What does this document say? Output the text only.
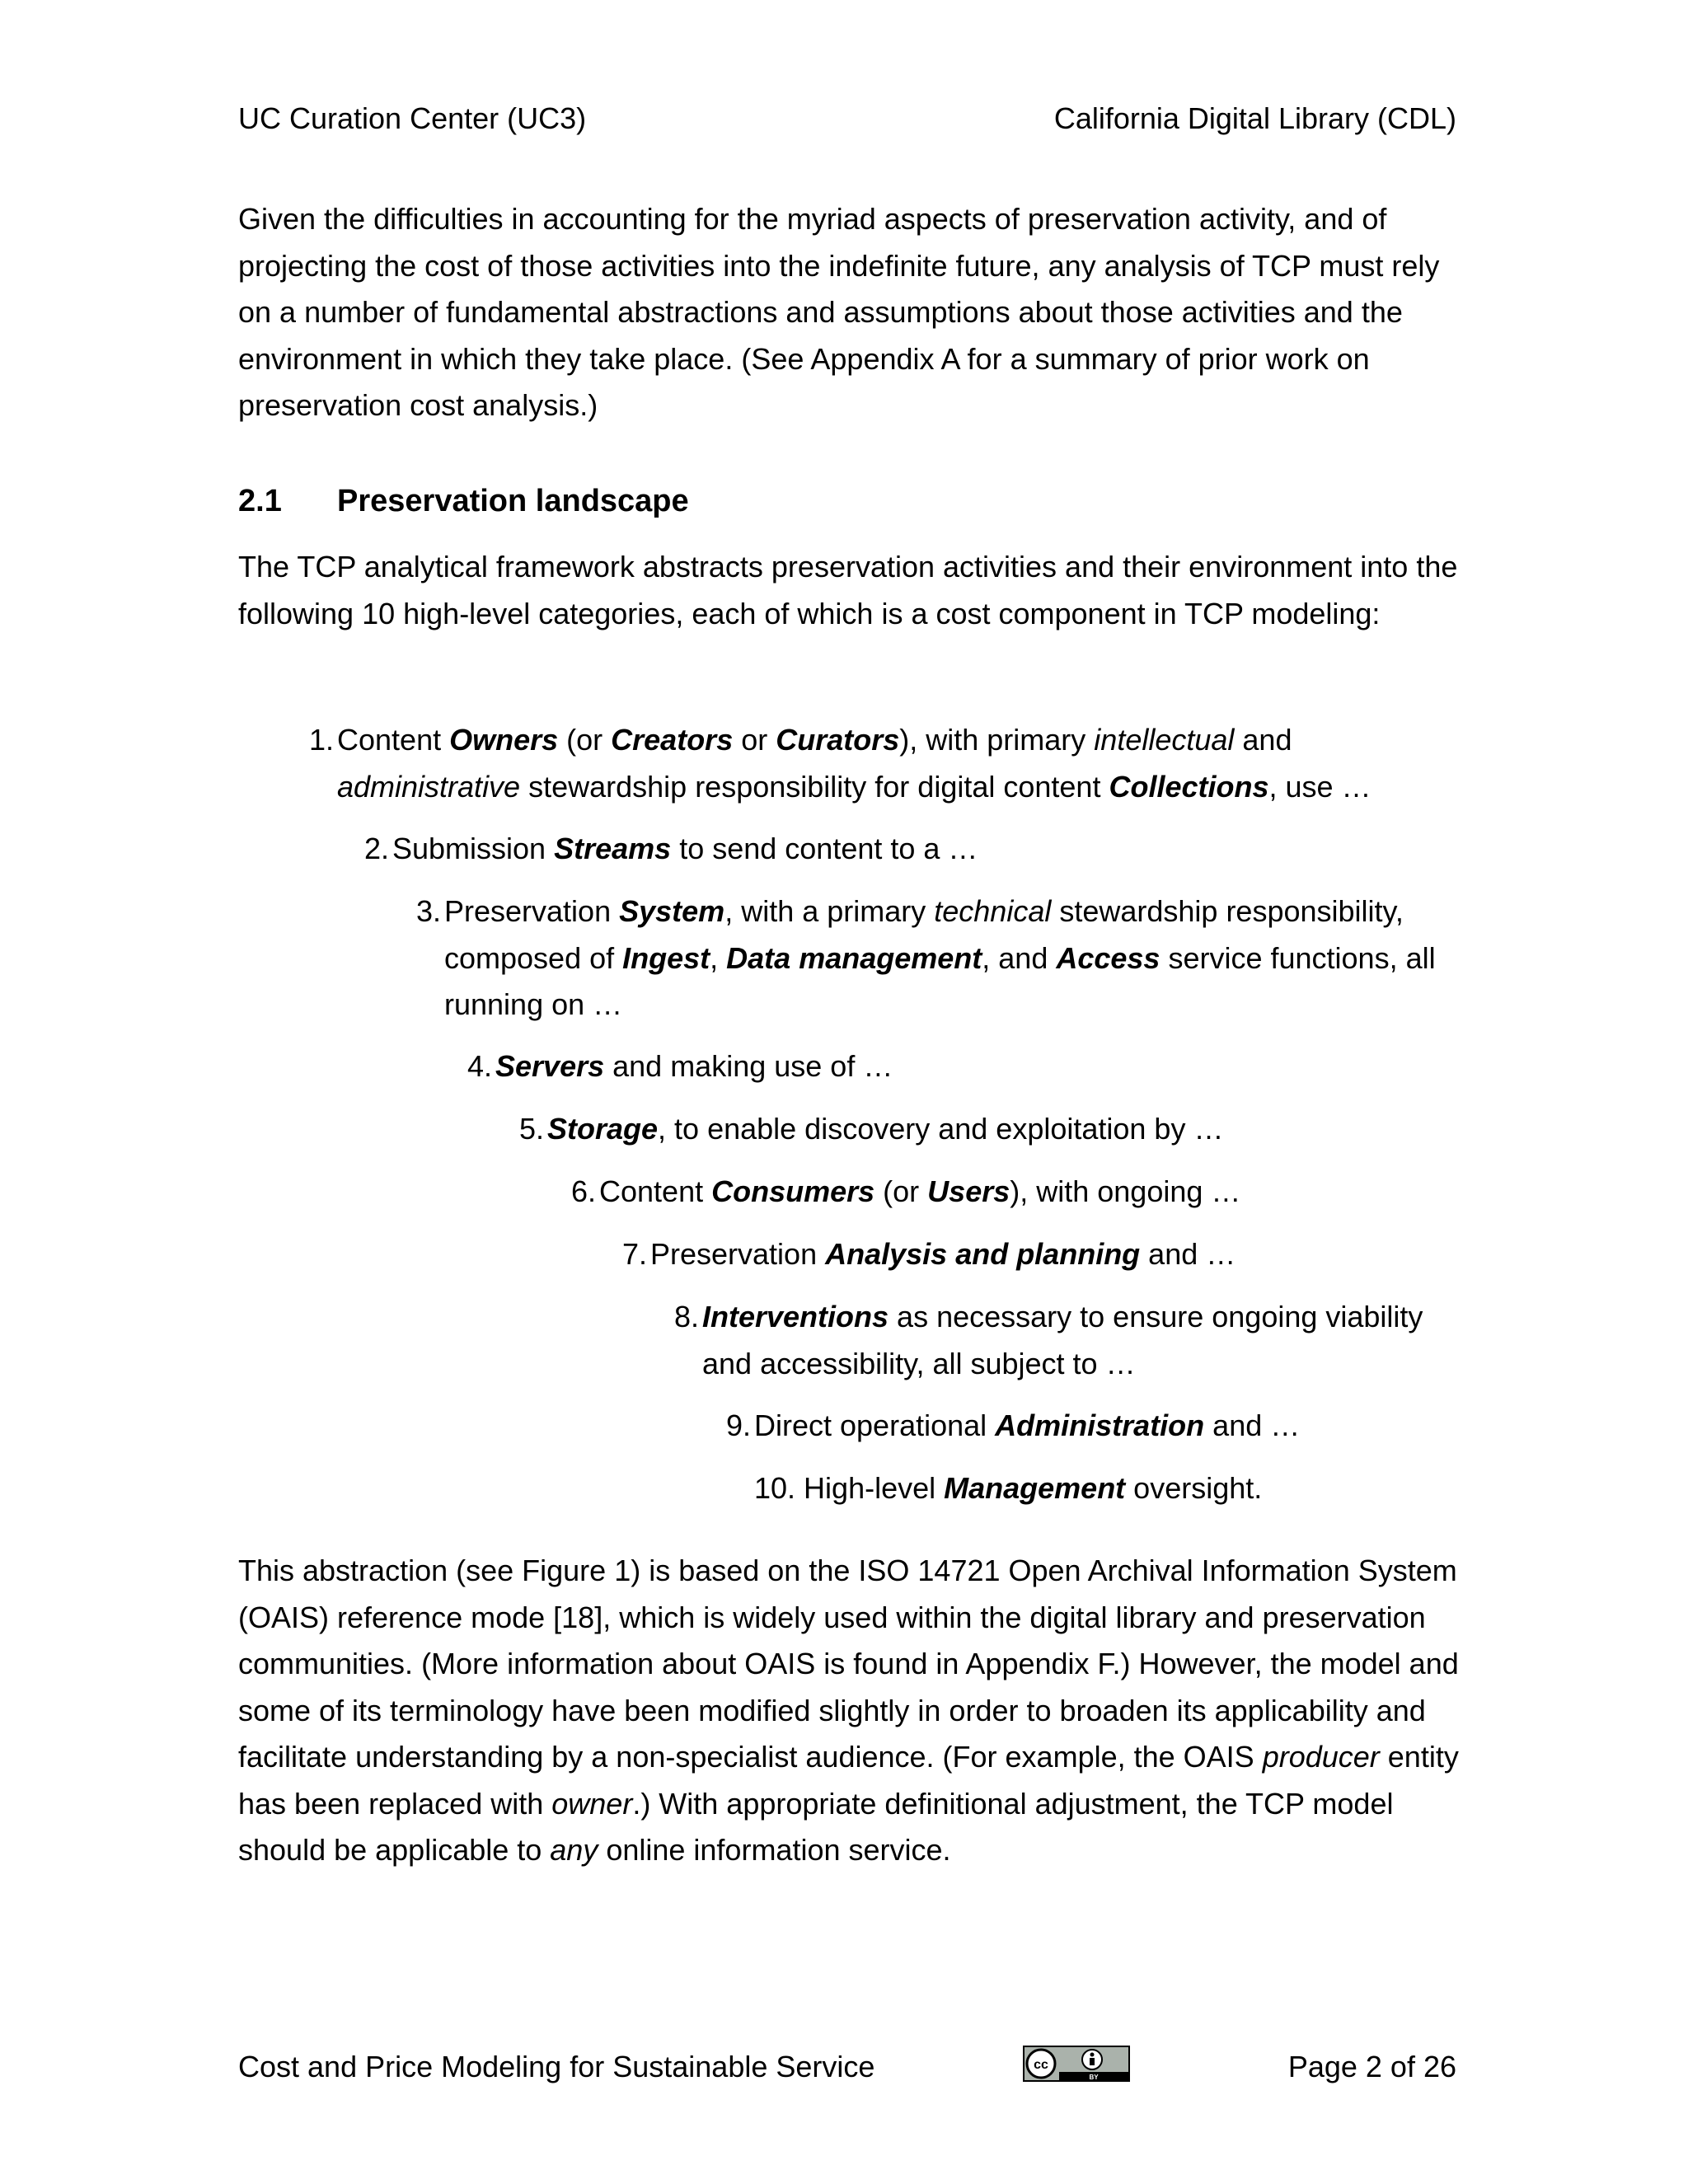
UC Curation Center (UC3)	California Digital Library (CDL)

Given the difficulties in accounting for the myriad aspects of preservation activity, and of projecting the cost of those activities into the indefinite future, any analysis of TCP must rely on a number of fundamental abstractions and assumptions about those activities and the environment in which they take place. (See Appendix A for a summary of prior work on preservation cost analysis.)

2.1 Preservation landscape

The TCP analytical framework abstracts preservation activities and their environment into the following 10 high-level categories, each of which is a cost component in TCP modeling:

1. Content Owners (or Creators or Curators), with primary intellectual and administrative stewardship responsibility for digital content Collections, use …
2. Submission Streams to send content to a …
3. Preservation System, with a primary technical stewardship responsibility, composed of Ingest, Data management, and Access service functions, all running on …
4. Servers and making use of …
5. Storage, to enable discovery and exploitation by …
6. Content Consumers (or Users), with ongoing …
7. Preservation Analysis and planning and …
8. Interventions as necessary to ensure ongoing viability and accessibility, all subject to …
9. Direct operational Administration and …
10. High-level Management oversight.

This abstraction (see Figure 1) is based on the ISO 14721 Open Archival Information System (OAIS) reference mode [18], which is widely used within the digital library and preservation communities. (More information about OAIS is found in Appendix F.) However, the model and some of its terminology have been modified slightly in order to broaden its applicability and facilitate understanding by a non-specialist audience. (For example, the OAIS producer entity has been replaced with owner.) With appropriate definitional adjustment, the TCP model should be applicable to any online information service.

Cost and Price Modeling for Sustainable Service	cc
BY	Page 2 of 26
